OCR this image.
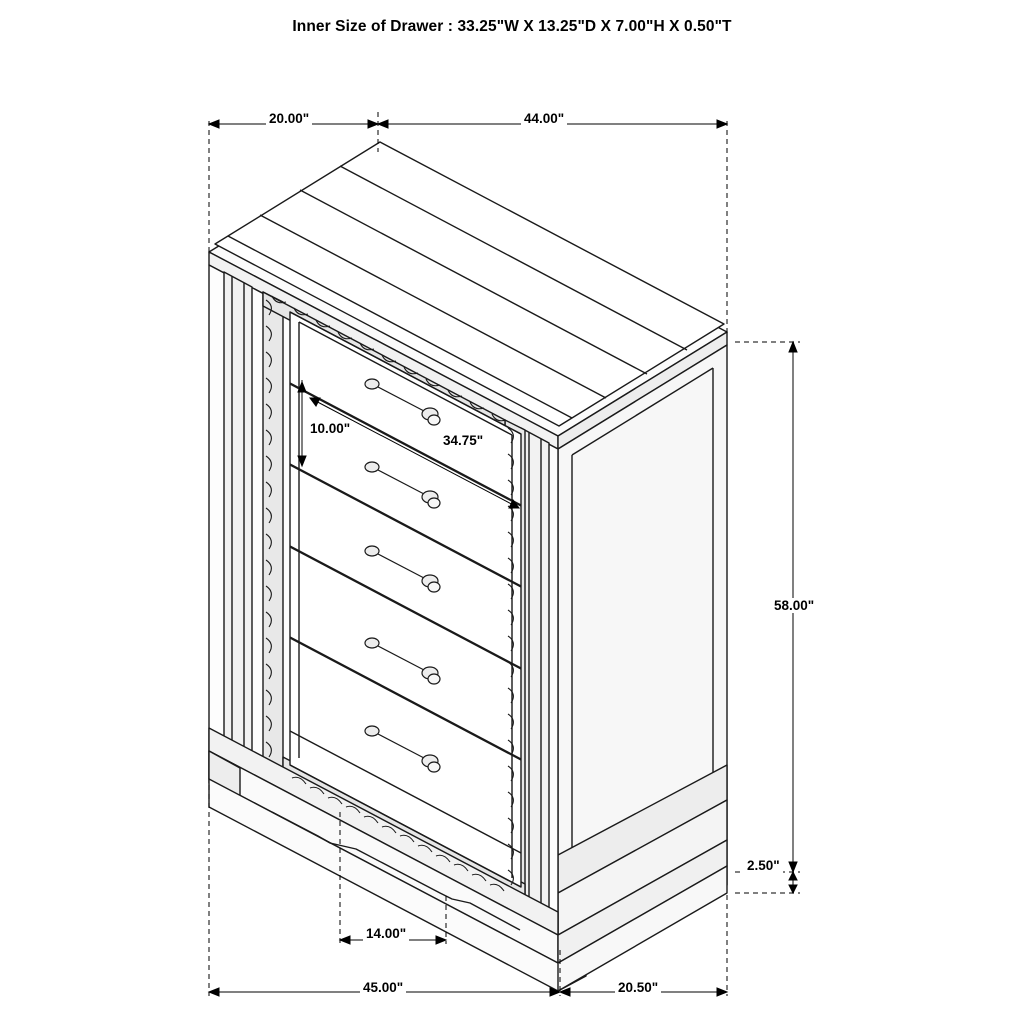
Inner Size of Drawer : 33.25"W X 13.25"D X 7.00"H X 0.50"T
20.00"	44.00"
58.00"
2.50"
14.00"
45.00"	20.50"
10.00"
34.75"
